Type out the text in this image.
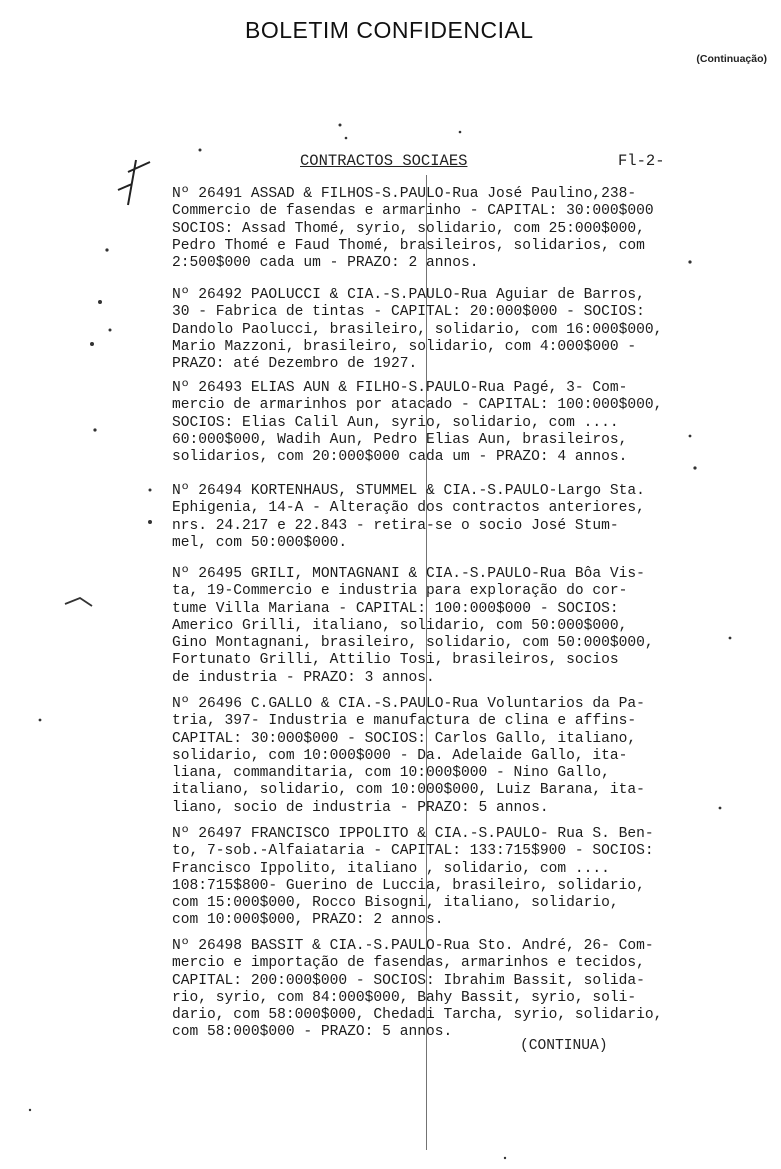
BOLETIM CONFIDENCIAL
(Continuação)
CONTRACTOS SOCIAES	Fl-2-
Nº 26491 ASSAD & FILHOS-S.PAULO-Rua José Paulino,238-
Commercio de fasendas e armarinho - CAPITAL: 30:000$000
SOCIOS: Assad Thomé, syrio, solidario, com 25:000$000,
Pedro Thomé e Faud Thomé, brasileiros, solidarios, com
2:500$000 cada um - PRAZO: 2 annos.
Nº 26492 PAOLUCCI & CIA.-S.PAULO-Rua Aguiar de Barros,
30 - Fabrica de tintas - CAPITAL: 20:000$000 - SOCIOS:
Dandolo Paolucci, brasileiro, solidario, com 16:000$000,
Mario Mazzoni, brasileiro, solidario, com 4:000$000 -
PRAZO: até Dezembro de 1927.
Nº 26493 ELIAS AUN & FILHO-S.PAULO-Rua Pagé, 3- Com-
mercio de armarinhos por atacado - CAPITAL: 100:000$000,
SOCIOS: Elias Calil Aun, syrio, solidario, com ....
60:000$000, Wadih Aun, Pedro Elias Aun, brasileiros,
solidarios, com 20:000$000 cada um - PRAZO: 4 annos.
Nº 26494 KORTENHAUS, STUMMEL & CIA.-S.PAULO-Largo Sta.
Ephigenia, 14-A - Alteração dos contractos anteriores,
nrs. 24.217 e 22.843 - retira-se o socio José Stum-
mel, com 50:000$000.
Nº 26495 GRILI, MONTAGNANI & CIA.-S.PAULO-Rua Bôa Vis-
ta, 19-Commercio e industria para exploração do cor-
tume Villa Mariana - CAPITAL: 100:000$000 - SOCIOS:
Americo Grilli, italiano, solidario, com 50:000$000,
Gino Montagnani, brasileiro, solidario, com 50:000$000,
Fortunato Grilli, Attilio Tosi, brasileiros, socios
de industria - PRAZO: 3 annos.
Nº 26496 C.GALLO & CIA.-S.PAULO-Rua Voluntarios da Pa-
tria, 397- Industria e manufactura de clina e affins-
CAPITAL: 30:000$000 - SOCIOS: Carlos Gallo, italiano,
solidario, com 10:000$000 - Da. Adelaide Gallo, ita-
liana, commanditaria, com 10:000$000 - Nino Gallo,
italiano, solidario, com 10:000$000, Luiz Barana, ita-
liano, socio de industria - PRAZO: 5 annos.
Nº 26497 FRANCISCO IPPOLITO & CIA.-S.PAULO- Rua S. Ben-
to, 7-sob.-Alfaiataria - CAPITAL: 133:715$900 - SOCIOS:
Francisco Ippolito, italiano , solidario, com ....
108:715$800- Guerino de Luccia, brasileiro, solidario,
com 15:000$000, Rocco Bisogni, italiano, solidario,
com 10:000$000, PRAZO: 2 annos.
Nº 26498 BASSIT & CIA.-S.PAULO-Rua Sto. André, 26- Com-
mercio e importação de fasendas, armarinhos e tecidos,
CAPITAL: 200:000$000 - SOCIOS: Ibrahim Bassit, solida-
rio, syrio, com 84:000$000, Bahy Bassit, syrio, soli-
dario, com 58:000$000, Chedadi Tarcha, syrio, solidario,
com 58:000$000 - PRAZO: 5 annos.
(CONTINUA)
